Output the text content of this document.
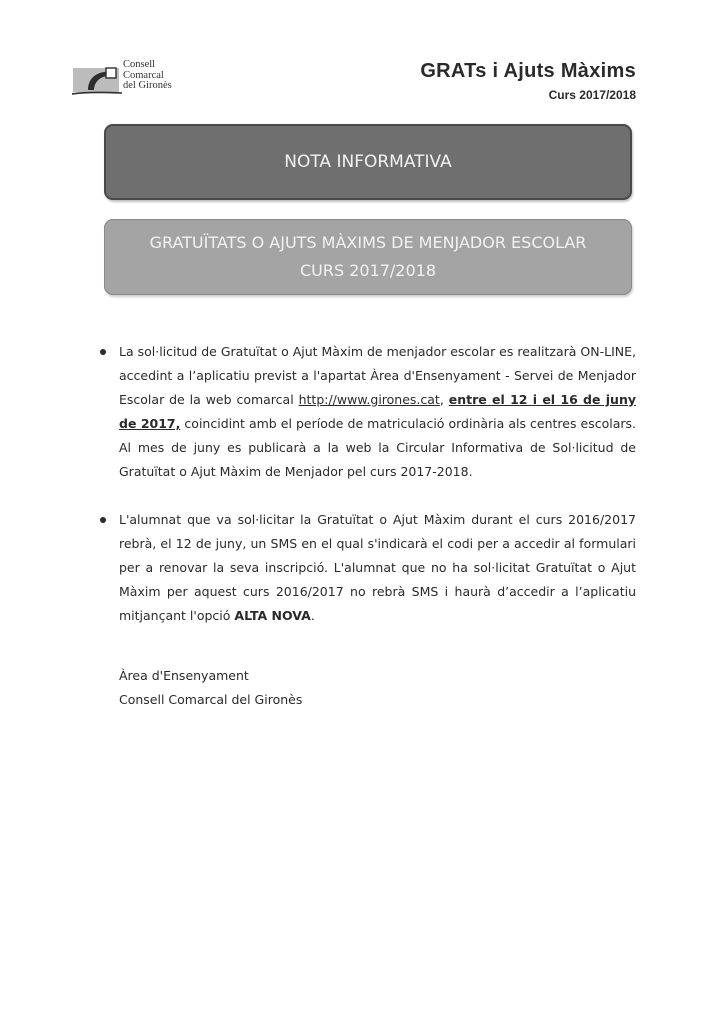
Consell
Comarcal
del Gironès
GRATs i Ajuts Màxims
Curs 2017/2018
NOTA INFORMATIVA
GRATUÏTATS O AJUTS MÀXIMS DE MENJADOR ESCOLAR
CURS 2017/2018

La sol·licitud de Gratuïtat o Ajut Màxim de menjador escolar es realitzarà ON-LINE, accedint a l’aplicatiu previst a l'apartat Àrea d'Ensenyament - Servei de Menjador Escolar de la web comarcal http://www.girones.cat, entre el 12 i el 16 de juny de 2017, coincidint amb el període de matriculació ordinària als centres escolars. Al mes de juny es publicarà a la web la Circular Informativa de Sol·licitud de Gratuïtat o Ajut Màxim de Menjador pel curs 2017-2018.

L'alumnat que va sol·licitar la Gratuïtat o Ajut Màxim durant el curs 2016/2017 rebrà, el 12 de juny, un SMS en el qual s'indicarà el codi per a accedir al formulari per a renovar la seva inscripció. L'alumnat que no ha sol·licitat Gratuïtat o Ajut Màxim per aquest curs 2016/2017 no rebrà SMS i haurà d’accedir a l’aplicatiu mitjançant l'opció ALTA NOVA.

Àrea d'Ensenyament
Consell Comarcal del Gironès
